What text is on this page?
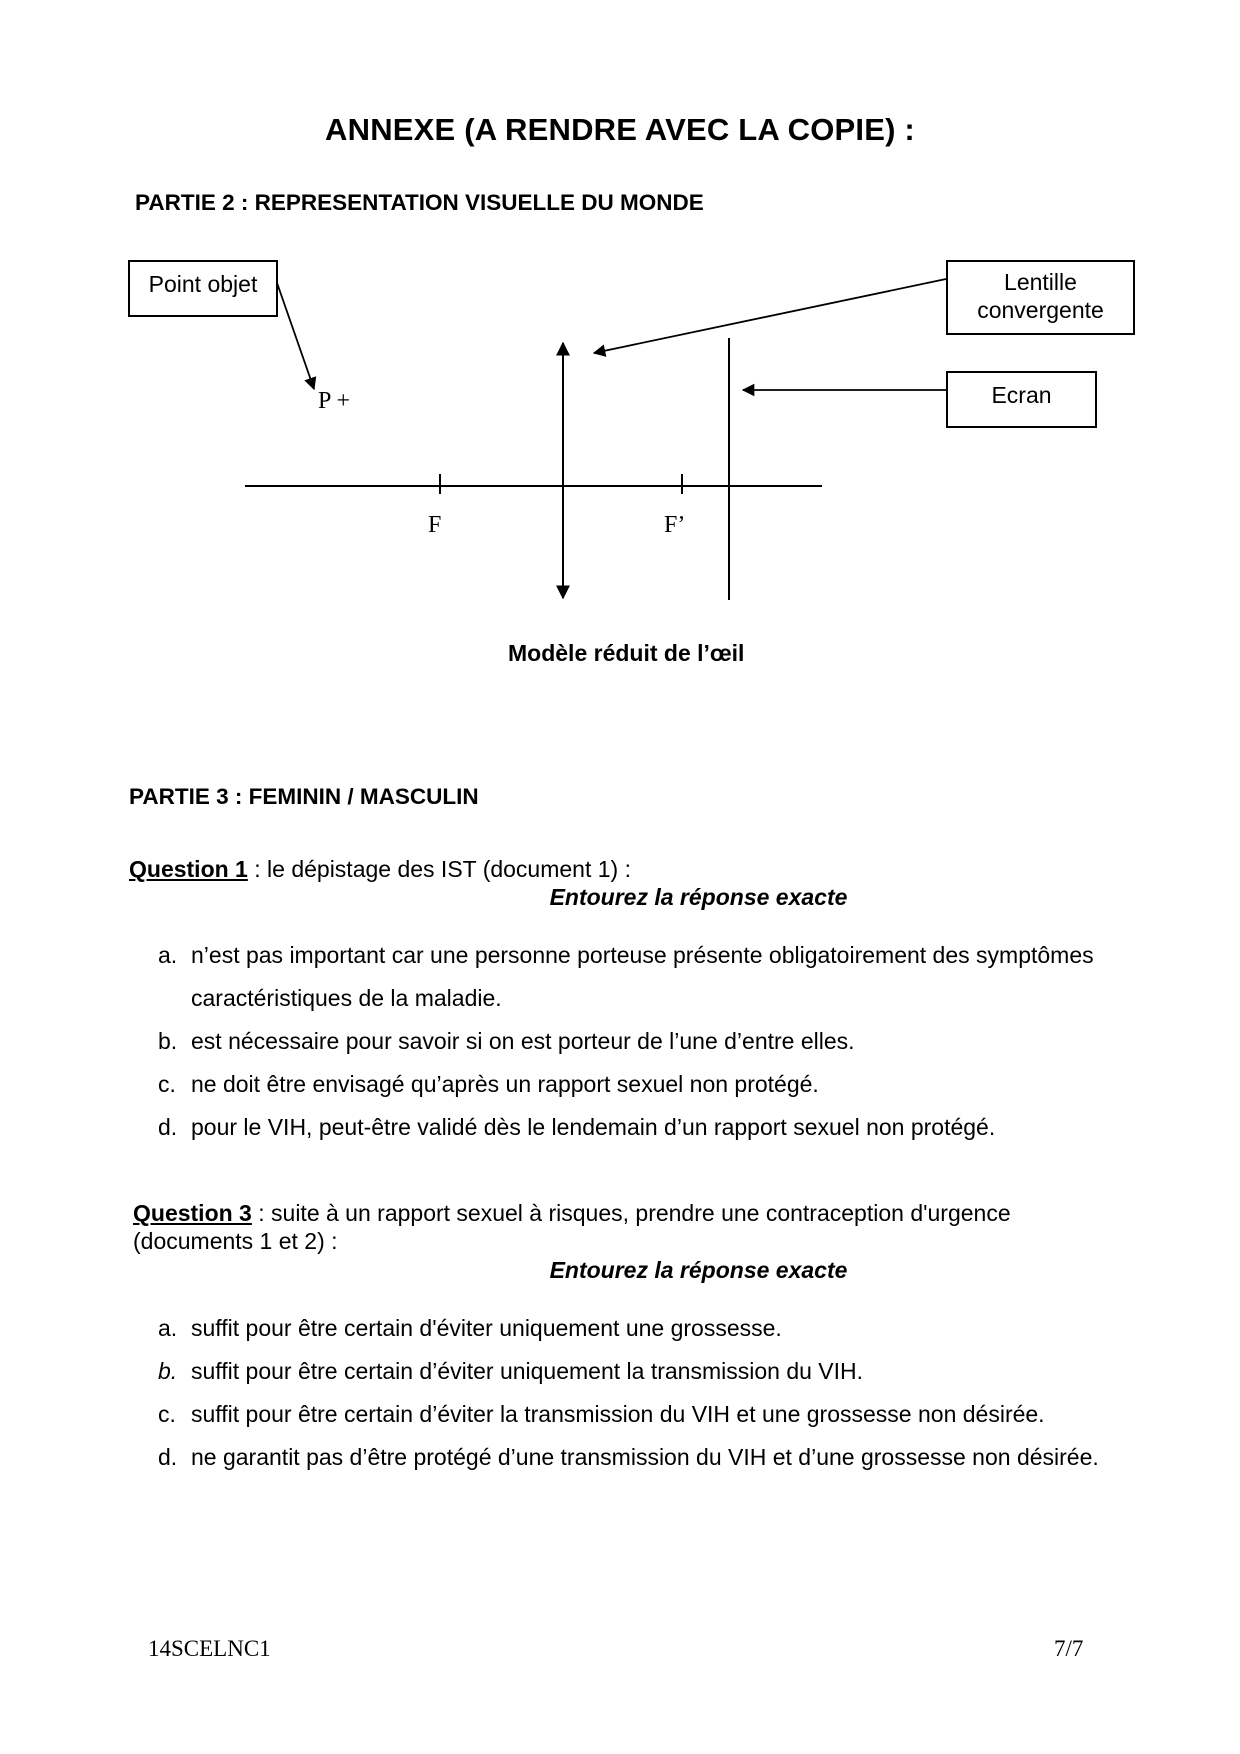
ANNEXE (A RENDRE AVEC LA COPIE) :
PARTIE 2 : REPRESENTATION VISUELLE DU MONDE
Point objet	Lentille convergente
Ecran
P +
F	F’
Modèle réduit de l’œil
PARTIE 3 : FEMININ / MASCULIN
Question 1 : le dépistage des IST (document 1) :
Entourez la réponse exacte
a. n’est pas important car une personne porteuse présente obligatoirement des symptômes caractéristiques de la maladie.
b. est nécessaire pour savoir si on est porteur de l’une d’entre elles.
c. ne doit être envisagé qu’après un rapport sexuel non protégé.
d. pour le VIH, peut-être validé dès le lendemain d’un rapport sexuel non protégé.
Question 3 : suite à un rapport sexuel à risques, prendre une contraception d'urgence (documents 1 et 2) :
Entourez la réponse exacte
a. suffit pour être certain d'éviter uniquement une grossesse.
b. suffit pour être certain d’éviter uniquement la transmission du VIH.
c. suffit pour être certain d’éviter la transmission du VIH et une grossesse non désirée.
d. ne garantit pas d’être protégé d’une transmission du VIH et d’une grossesse non désirée.
14SCELNC1	7/7
